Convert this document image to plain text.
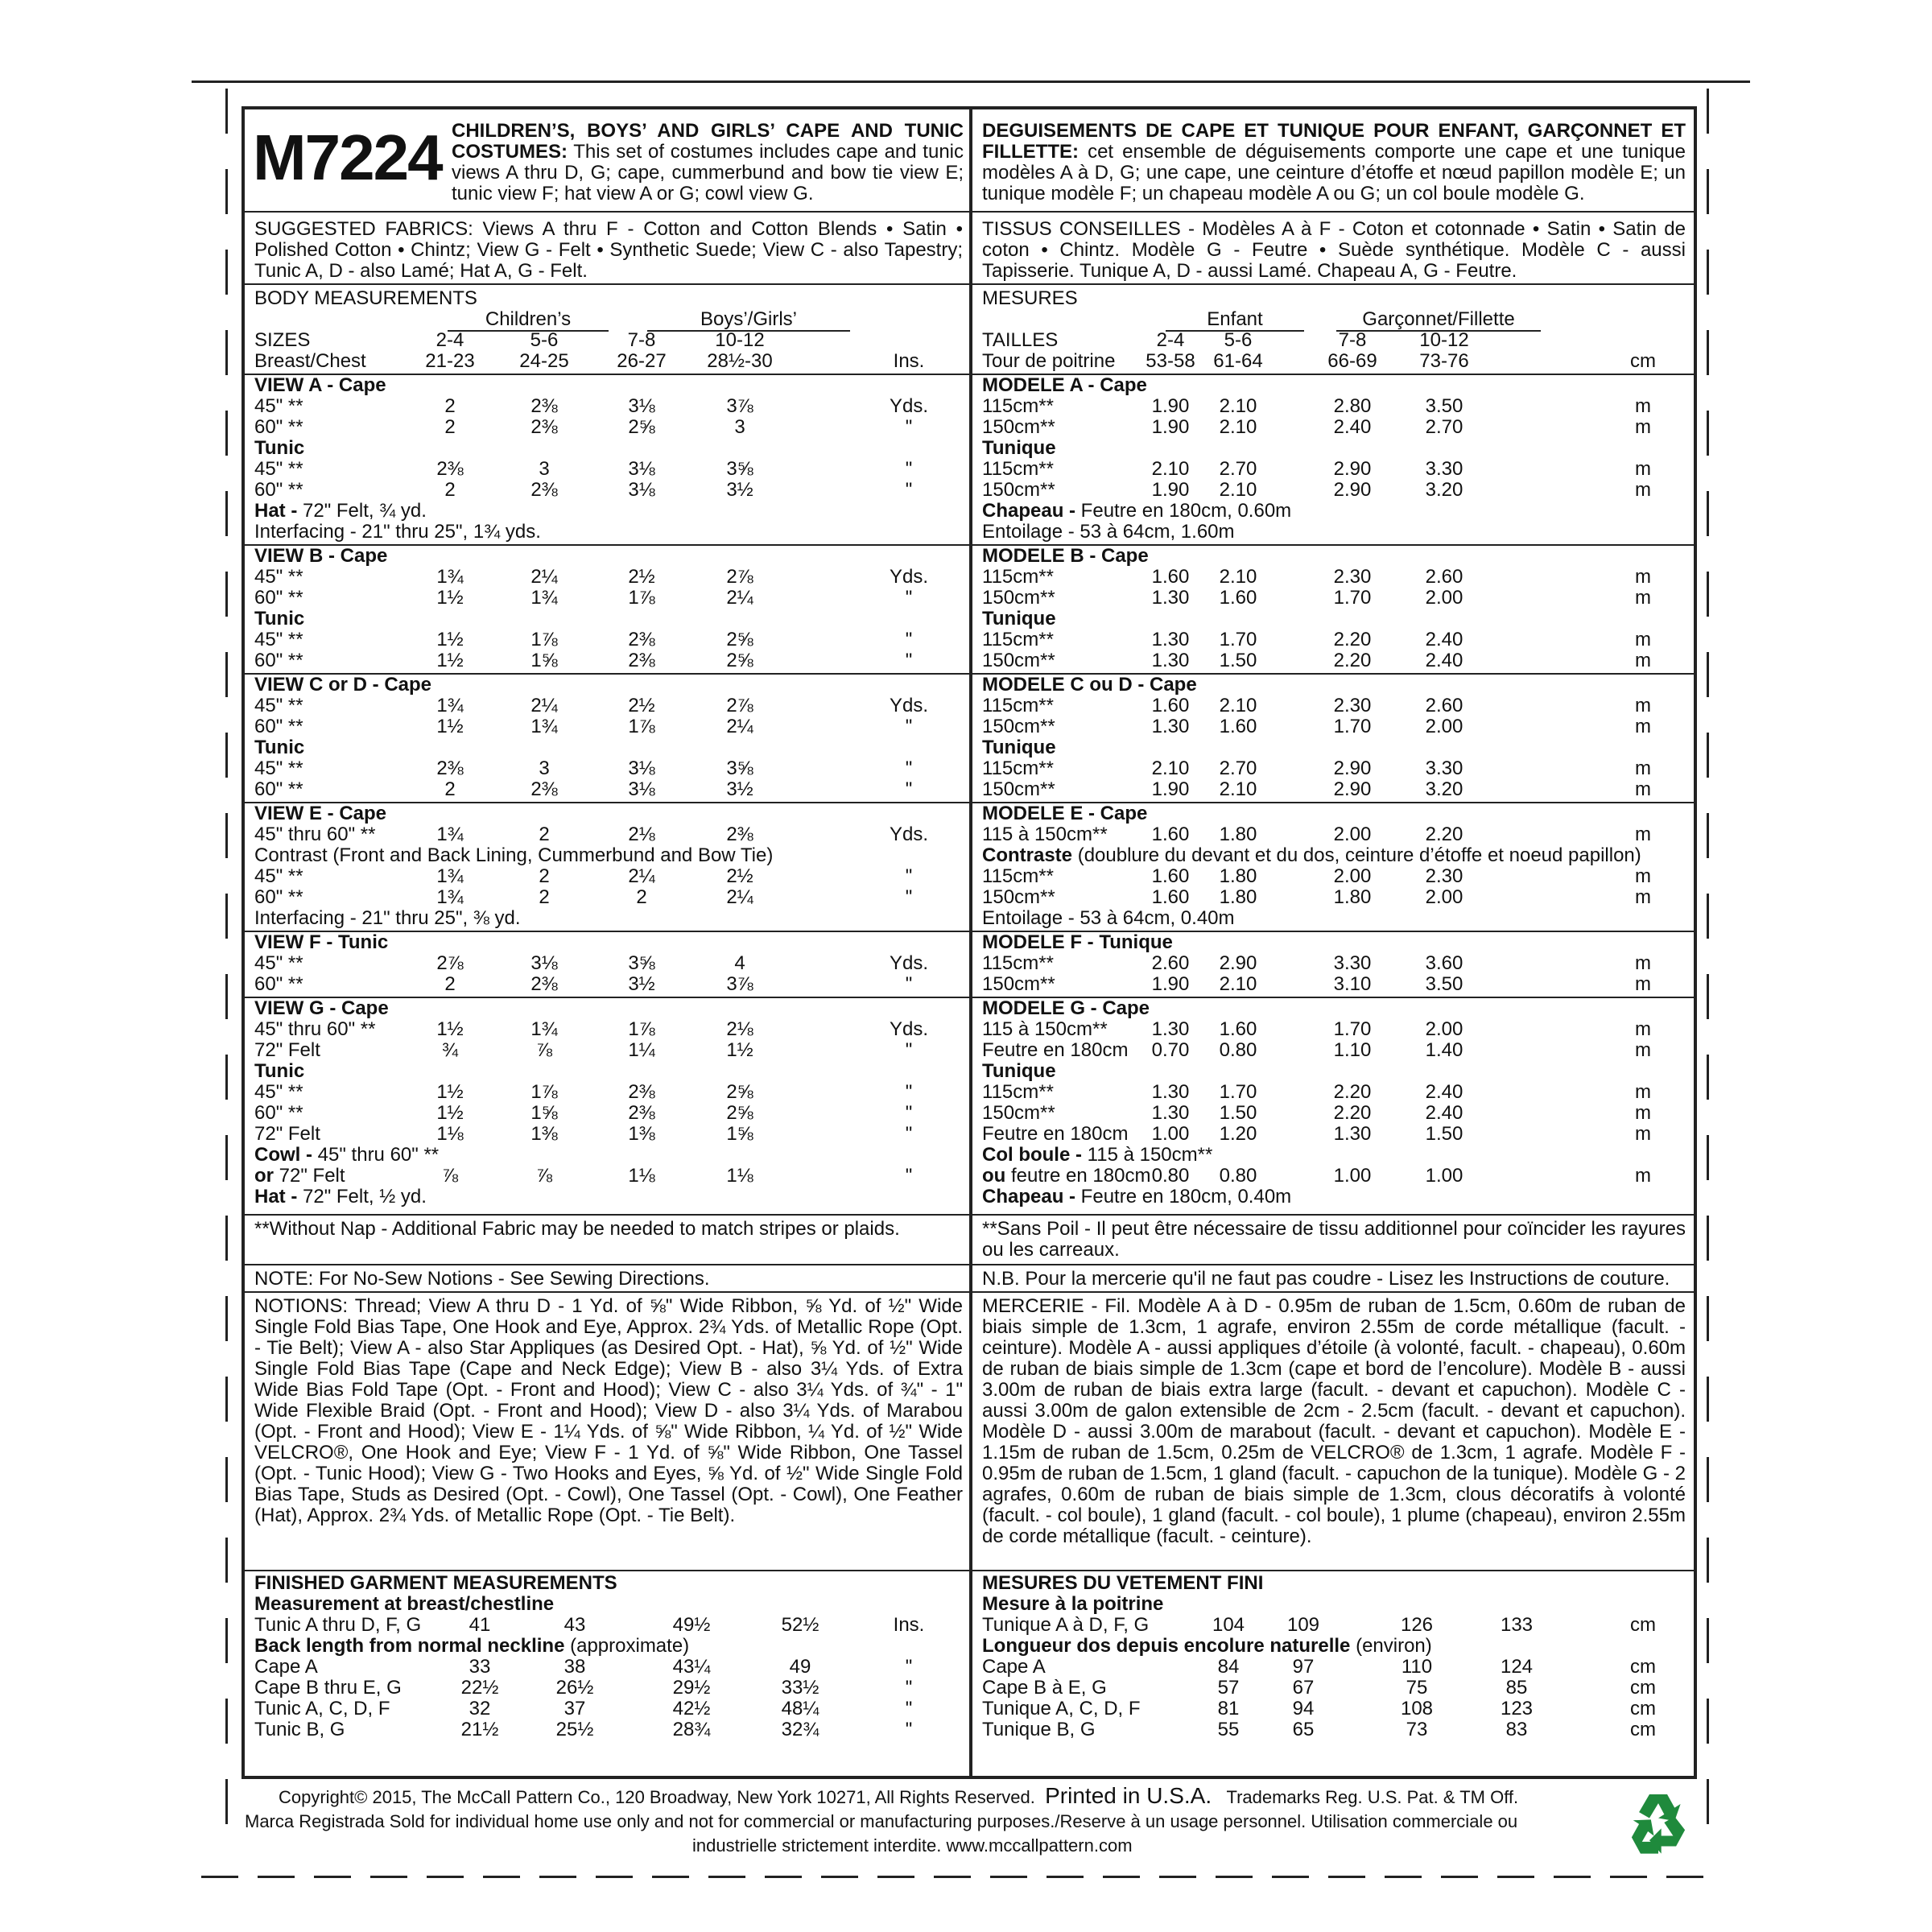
M7224 CHILDREN’S, BOYS’ AND GIRLS’ CAPE AND TUNIC COSTUMES: This set of costumes includes cape and tunic views A thru D, G; cape, cummerbund and bow tie view E; tunic view F; hat view A or G; cowl view G.
SUGGESTED FABRICS: Views A thru F - Cotton and Cotton Blends • Satin • Polished Cotton • Chintz; View G - Felt • Synthetic Suede; View C - also Tapestry; Tunic A, D - also Lamé; Hat A, G - Felt.
BODY MEASUREMENTS
Children’s	Boys’/Girls’
SIZES	2-4	5-6	7-8	10-12
Breast/Chest	21-23	24-25	26-27	28½-30	Ins.
VIEW A - Cape
45" **	2	2⅜	3⅛	3⅞	Yds.
60" **	2	2⅜	2⅝	3	"
Tunic
45" **	2⅜	3	3⅛	3⅝	"
60" **	2	2⅜	3⅛	3½	"
Hat - 72" Felt, ¾ yd.
Interfacing - 21" thru 25", 1¾ yds.
VIEW B - Cape
45" **	1¾	2¼	2½	2⅞	Yds.
60" **	1½	1¾	1⅞	2¼	"
Tunic
45" **	1½	1⅞	2⅜	2⅝	"
60" **	1½	1⅝	2⅜	2⅝	"
VIEW C or D - Cape
45" **	1¾	2¼	2½	2⅞	Yds.
60" **	1½	1¾	1⅞	2¼	"
Tunic
45" **	2⅜	3	3⅛	3⅝	"
60" **	2	2⅜	3⅛	3½	"
VIEW E - Cape
45" thru 60" **	1¾	2	2⅛	2⅜	Yds.
Contrast (Front and Back Lining, Cummerbund and Bow Tie)
45" **	1¾	2	2¼	2½	"
60" **	1¾	2	2	2¼	"
Interfacing - 21" thru 25", ⅜ yd.
VIEW F - Tunic
45" **	2⅞	3⅛	3⅝	4	Yds.
60" **	2	2⅜	3½	3⅞	"
VIEW G - Cape
45" thru 60" **	1½	1¾	1⅞	2⅛	Yds.
72" Felt	¾	⅞	1¼	1½	"
Tunic
45" **	1½	1⅞	2⅜	2⅝	"
60" **	1½	1⅝	2⅜	2⅝	"
72" Felt	1⅛	1⅜	1⅜	1⅝	"
Cowl - 45" thru 60" **
or 72" Felt	⅞	⅞	1⅛	1⅛	"
Hat - 72" Felt, ½ yd.
**Without Nap - Additional Fabric may be needed to match stripes or plaids.
NOTE: For No-Sew Notions - See Sewing Directions.
NOTIONS: Thread; View A thru D - 1 Yd. of ⅝" Wide Ribbon, ⅝ Yd. of ½" Wide Single Fold Bias Tape, One Hook and Eye, Approx. 2¾ Yds. of Metallic Rope (Opt. - Tie Belt); View A - also Star Appliques (as Desired Opt. - Hat), ⅝ Yd. of ½" Wide Single Fold Bias Tape (Cape and Neck Edge); View B - also 3¼ Yds. of Extra Wide Bias Fold Tape (Opt. - Front and Hood); View C - also 3¼ Yds. of ¾" - 1" Wide Flexible Braid (Opt. - Front and Hood); View D - also 3¼ Yds. of Marabou (Opt. - Front and Hood); View E - 1¼ Yds. of ⅝" Wide Ribbon, ¼ Yd. of ½" Wide VELCRO®, One Hook and Eye; View F - 1 Yd. of ⅝" Wide Ribbon, One Tassel (Opt. - Tunic Hood); View G - Two Hooks and Eyes, ⅝ Yd. of ½" Wide Single Fold Bias Tape, Studs as Desired (Opt. - Cowl), One Tassel (Opt. - Cowl), One Feather (Hat), Approx. 2¾ Yds. of Metallic Rope (Opt. - Tie Belt).
FINISHED GARMENT MEASUREMENTS
Measurement at breast/chestline
Tunic A thru D, F, G	41	43	49½	52½	Ins.
Back length from normal neckline (approximate)
Cape A	33	38	43¼	49	"
Cape B thru E, G	22½	26½	29½	33½	"
Tunic A, C, D, F	32	37	42½	48¼	"
Tunic B, G	21½	25½	28¾	32¾	"
DEGUISEMENTS DE CAPE ET TUNIQUE POUR ENFANT, GARÇONNET ET FILLETTE: cet ensemble de déguisements comporte une cape et une tunique modèles A à D, G; une cape, une ceinture d’étoffe et nœud papillon modèle E; un tunique modèle F; un chapeau modèle A ou G; un col boule modèle G.
TISSUS CONSEILLES - Modèles A à F - Coton et cotonnade • Satin • Satin de coton • Chintz. Modèle G - Feutre • Suède synthétique. Modèle C - aussi Tapisserie. Tunique A, D - aussi Lamé. Chapeau A, G - Feutre.
MESURES
Enfant	Garçonnet/Fillette
TAILLES	2-4	5-6	7-8	10-12
Tour de poitrine	53-58 61-64	66-69	73-76	cm
MODELE A - Cape
115cm**	1.90	2.10	2.80	3.50	m
150cm**	1.90	2.10	2.40	2.70	m
Tunique
115cm**	2.10	2.70	2.90	3.30	m
150cm**	1.90	2.10	2.90	3.20	m
Chapeau - Feutre en 180cm, 0.60m
Entoilage - 53 à 64cm, 1.60m
MODELE B - Cape
115cm**	1.60	2.10	2.30	2.60	m
150cm**	1.30	1.60	1.70	2.00	m
Tunique
115cm**	1.30	1.70	2.20	2.40	m
150cm**	1.30	1.50	2.20	2.40	m
MODELE C ou D - Cape
115cm**	1.60	2.10	2.30	2.60	m
150cm**	1.30	1.60	1.70	2.00	m
Tunique
115cm**	2.10	2.70	2.90	3.30	m
150cm**	1.90	2.10	2.90	3.20	m
MODELE E - Cape
115 à 150cm**	1.60	1.80	2.00	2.20	m
Contraste (doublure du devant et du dos, ceinture d’étoffe et noeud papillon)
115cm**	1.60	1.80	2.00	2.30	m
150cm**	1.60	1.80	1.80	2.00	m
Entoilage - 53 à 64cm, 0.40m
MODELE F - Tunique
115cm**	2.60	2.90	3.30	3.60	m
150cm**	1.90	2.10	3.10	3.50	m
MODELE G - Cape
115 à 150cm**	1.30	1.60	1.70	2.00	m
Feutre en 180cm	0.70	0.80	1.10	1.40	m
Tunique
115cm**	1.30	1.70	2.20	2.40	m
150cm**	1.30	1.50	2.20	2.40	m
Feutre en 180cm	1.00	1.20	1.30	1.50	m
Col boule - 115 à 150cm**
ou feutre en 180cm 0.80	0.80	1.00	1.00	m
Chapeau - Feutre en 180cm, 0.40m
**Sans Poil - Il peut être nécessaire de tissu additionnel pour coïncider les rayures ou les carreaux.
N.B. Pour la mercerie qu'il ne faut pas coudre - Lisez les Instructions de couture.
MERCERIE - Fil. Modèle A à D - 0.95m de ruban de 1.5cm, 0.60m de ruban de biais simple de 1.3cm, 1 agrafe, environ 2.55m de corde métallique (facult. - ceinture). Modèle A - aussi appliques d’étoile (à volonté, facult. - chapeau), 0.60m de ruban de biais simple de 1.3cm (cape et bord de l’encolure). Modèle B - aussi 3.00m de ruban de biais extra large (facult. - devant et capuchon). Modèle C - aussi 3.00m de galon extensible de 2cm - 2.5cm (facult. - devant et capuchon). Modèle D - aussi 3.00m de marabout (facult. - devant et capuchon). Modèle E - 1.15m de ruban de 1.5cm, 0.25m de VELCRO® de 1.3cm, 1 agrafe. Modèle F - 0.95m de ruban de 1.5cm, 1 gland (facult. - capuchon de la tunique). Modèle G - 2 agrafes, 0.60m de ruban de biais simple de 1.3cm, clous décoratifs à volonté (facult. - col boule), 1 gland (facult. - col boule), 1 plume (chapeau), environ 2.55m de corde métallique (facult. - ceinture).
MESURES DU VETEMENT FINI
Mesure à la poitrine
Tunique A à D, F, G	104	109	126	133	cm
Longueur dos depuis encolure naturelle (environ)
Cape A	84	97	110	124	cm
Cape B à E, G	57	67	75	85	cm
Tunique A, C, D, F	81	94	108	123	cm
Tunique B, G	55	65	73	83	cm
Copyright© 2015, The McCall Pattern Co., 120 Broadway, New York 10271, All Rights Reserved. Printed in U.S.A. Trademarks Reg. U.S. Pat. & TM Off.
Marca Registrada Sold for individual home use only and not for commercial or manufacturing purposes./Reserve à un usage personnel. Utilisation commerciale ou
industrielle strictement interdite. www.mccallpattern.com
